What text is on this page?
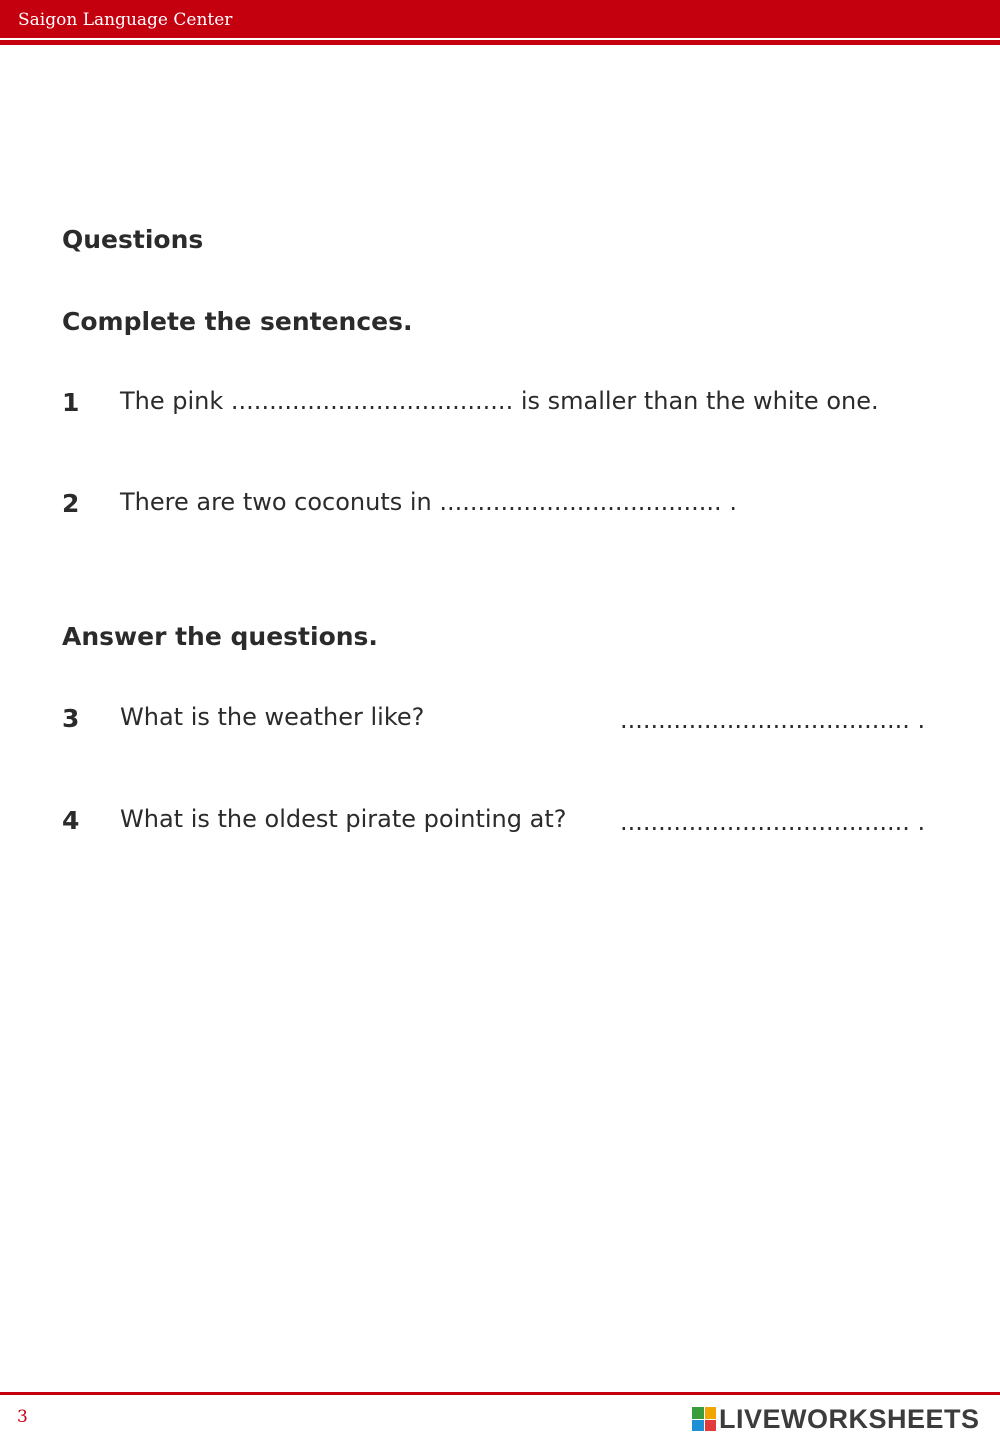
Saigon Language Center
Questions
Complete the sentences.
1 The pink ..................................... is smaller than the white one.
2 There are two coconuts in ..................................... .
Answer the questions.
3 What is the weather like?	...................................... .
4 What is the oldest pirate pointing at? ...................................... .
3	LIVEWORKSHEETS
